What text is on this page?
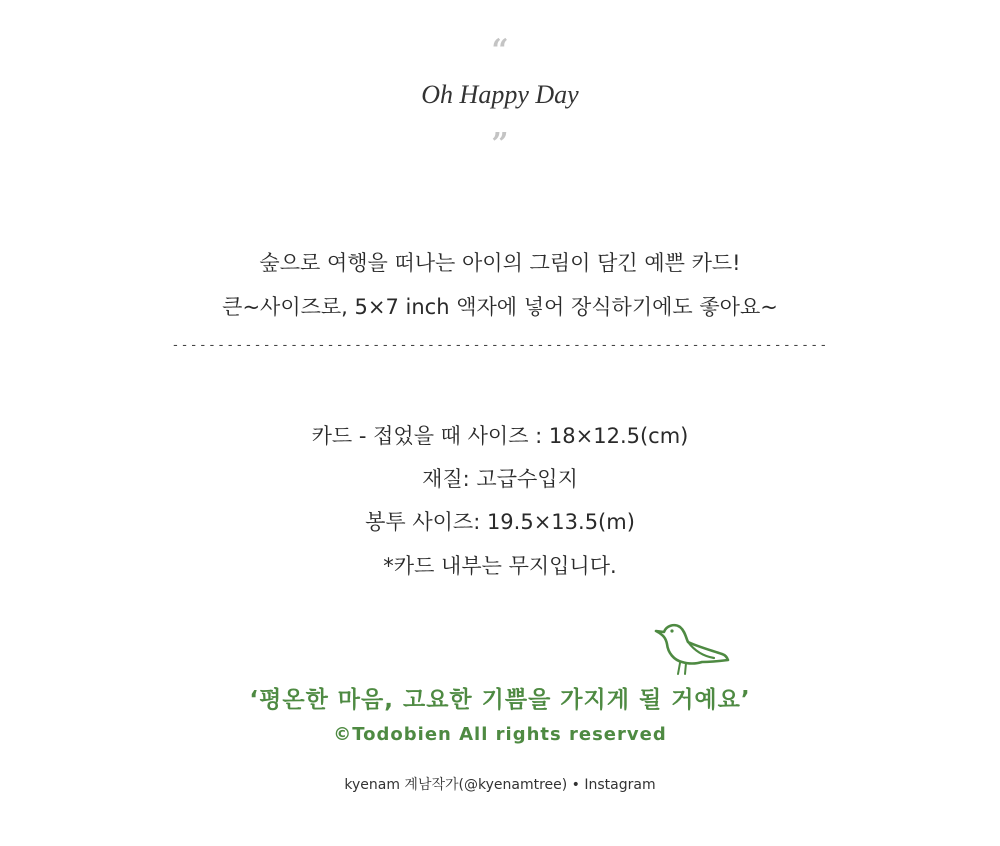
“
Oh Happy Day
”
숲으로 여행을 떠나는 아이의 그림이 담긴 예쁜 카드!
큰~사이즈로, 5×7 inch 액자에 넣어 장식하기에도 좋아요~
------------------------------------------------------------------------
카드 - 접었을 때 사이즈 : 18×12.5(cm)
재질: 고급수입지
봉투 사이즈: 19.5×13.5(m)
*카드 내부는 무지입니다.
‘평온한 마음, 고요한 기쁨을 가지게 될 거예요’
©Todobien All rights reserved
kyenam 계남작가(@kyenamtree) • Instagram
